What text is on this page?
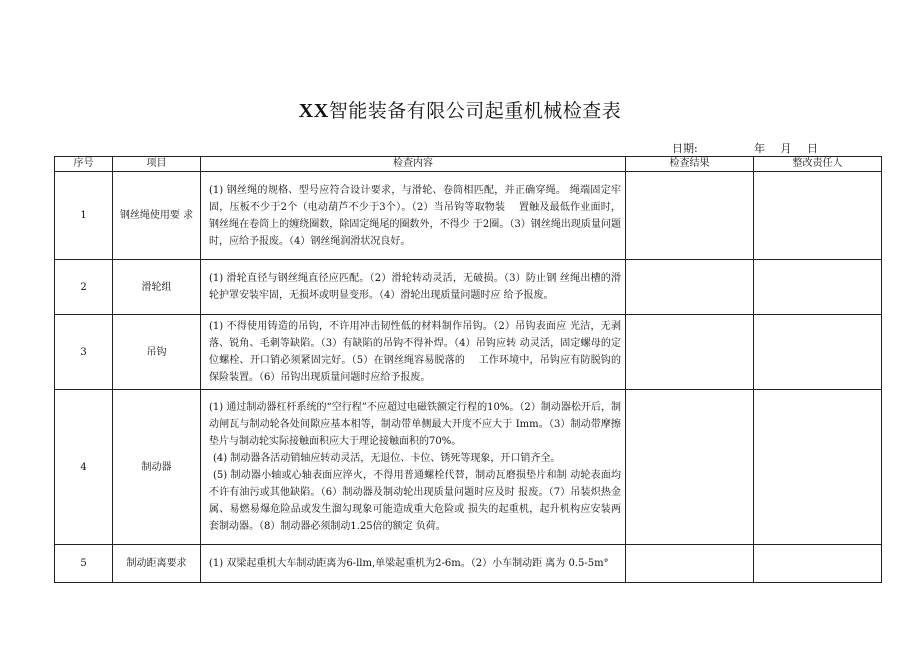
XX智能装备有限公司起重机械检查表
日期:	年 月 日
序号	项目	检查内容	检查结果	整改责任人
1	钢丝绳使用要 求	(1) 钢丝绳的规格、型号应符合设计要求，与滑轮、卷筒相匹配，并正确穿绳。 绳端固定牢固，压板不少于2个（电动葫芦不少于3个）。（2）当吊钩等取物装　 置触及最低作业面时，钢丝绳在卷筒上的缠绕圈数，除固定绳尾的圈数外，不得少 于2圈。（3）钢丝绳出现质量问题时，应给予报废。（4）钢丝绳润滑状况良好。		

2	滑轮组	(1) 滑轮直径与钢丝绳直径应匹配。（2）滑轮转动灵活，无破损。（3）防止钢 丝绳出槽的滑轮护罩安装牢固，无损坏或明显变形。（4）滑轮出现质量问题时应 给予报废。		

3	吊钩	(1) 不得使用铸造的吊钩，不许用冲击韧性低的材料制作吊钩。（2）吊钩表面应 光洁，无剥落、锐角、毛刺等缺陷。（3）有缺陷的吊钩不得补焊。（4）吊钩应转 动灵活，固定螺母的定位螺栓、开口销必须紧固完好。（5）在钢丝绳容易脱落的　 工作环境中，吊钩应有防脱钩的保险装置。（6）吊钩出现质量问题时应给予报废。		

4	制动器	(1) 通过制动器杠杆系统的“空行程”不应超过电磁铁额定行程的10%。（2）制动器松开后，制动闸瓦与制动轮各处间隙应基本相等，制动带单侧最大开度不应大于 Imm。（3）制动带摩擦垫片与制动轮实际接触面积应大于理论接触面积的70%。

(4) 制动器各活动销轴应转动灵活，无退位、卡位、锈死等现象，开口销齐全。

(5) 制动器小轴或心轴表面应淬火，不得用普通螺栓代替，制动瓦磨损垫片和制 动轮表面均不许有油污或其他缺陷。（6）制动器及制动轮出现质量问题时应及时 报废。（7）吊装炽热金属、易燃易爆危险品或发生溜勾现象可能造成重大危险或 损失的起重机，起升机构应安装两套制动器。（8）制动器必须制动1.25倍的额定 负荷。		

5	制动距离要求	(1) 双梁起重机大车制动距离为6-llm,单梁起重机为2-6m。（2）小车制动距 离为 0.5-5m°		
